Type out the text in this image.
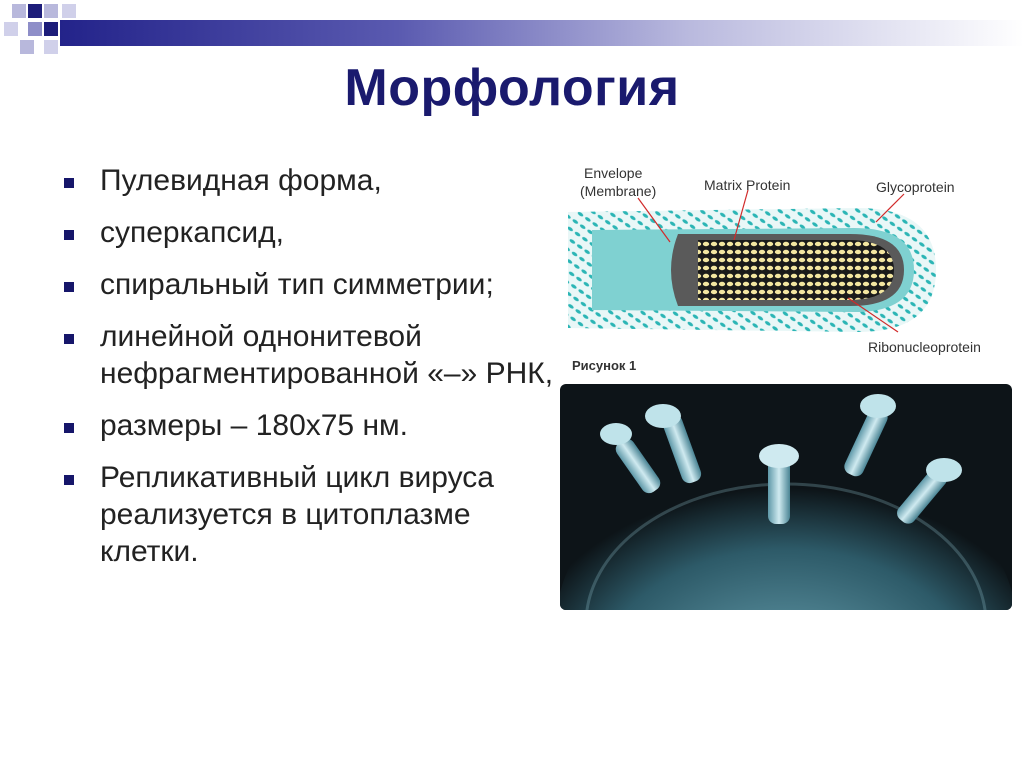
Морфология
Пулевидная форма,
суперкапсид,
спиральный тип симметрии;
линейной однонитевой нефрагментированной «–» РНК,
размеры – 180х75 нм.
Репликативный цикл вируса реализуется в цитоплазме клетки.
Envelope
(Membrane)	Matrix Protein	Glycoprotein
Ribonucleoprotein
Рисунок 1
